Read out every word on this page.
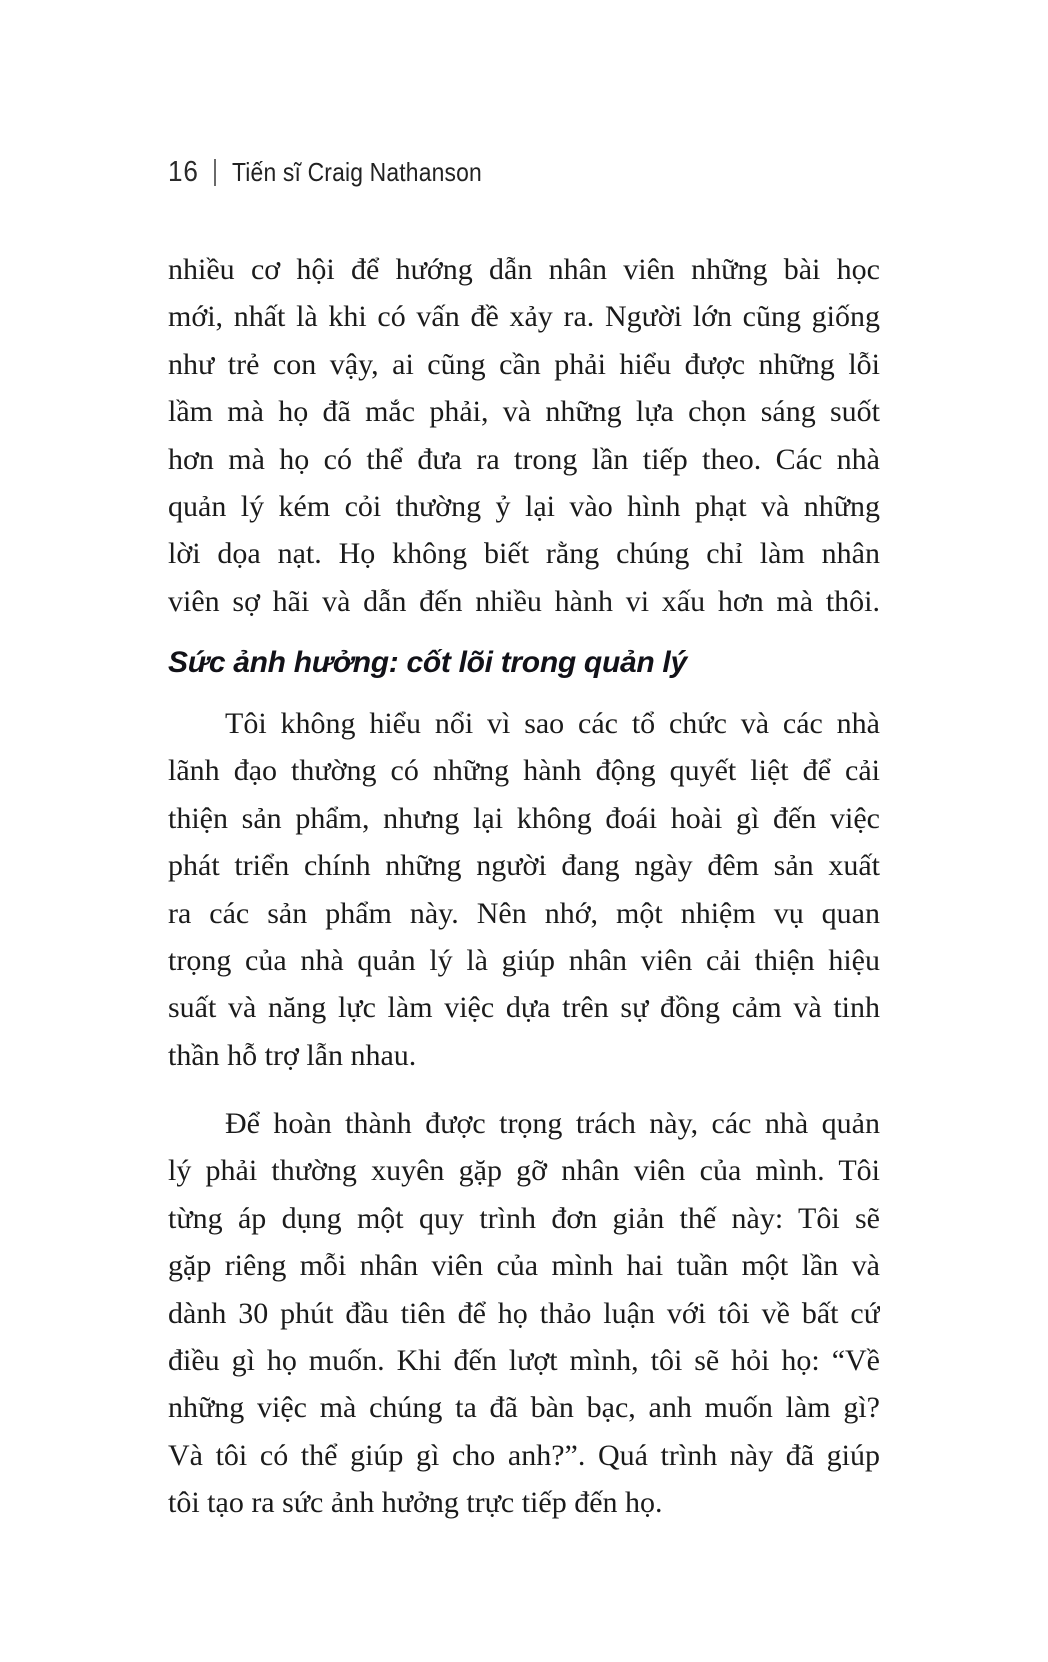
16 Tiến sĩ Craig Nathanson
nhiều cơ hội để hướng dẫn nhân viên những bài học
mới, nhất là khi có vấn đề xảy ra. Người lớn cũng giống
như trẻ con vậy, ai cũng cần phải hiểu được những lỗi
lầm mà họ đã mắc phải, và những lựa chọn sáng suốt
hơn mà họ có thể đưa ra trong lần tiếp theo. Các nhà
quản lý kém cỏi thường ỷ lại vào hình phạt và những
lời dọa nạt. Họ không biết rằng chúng chỉ làm nhân
viên sợ hãi và dẫn đến nhiều hành vi xấu hơn mà thôi.
Sức ảnh hưởng: cốt lõi trong quản lý
Tôi không hiểu nổi vì sao các tổ chức và các nhà
lãnh đạo thường có những hành động quyết liệt để cải
thiện sản phẩm, nhưng lại không đoái hoài gì đến việc
phát triển chính những người đang ngày đêm sản xuất
ra các sản phẩm này. Nên nhớ, một nhiệm vụ quan
trọng của nhà quản lý là giúp nhân viên cải thiện hiệu
suất và năng lực làm việc dựa trên sự đồng cảm và tinh
thần hỗ trợ lẫn nhau.
Để hoàn thành được trọng trách này, các nhà quản
lý phải thường xuyên gặp gỡ nhân viên của mình. Tôi
từng áp dụng một quy trình đơn giản thế này: Tôi sẽ
gặp riêng mỗi nhân viên của mình hai tuần một lần và
dành 30 phút đầu tiên để họ thảo luận với tôi về bất cứ
điều gì họ muốn. Khi đến lượt mình, tôi sẽ hỏi họ: “Về
những việc mà chúng ta đã bàn bạc, anh muốn làm gì?
Và tôi có thể giúp gì cho anh?”. Quá trình này đã giúp
tôi tạo ra sức ảnh hưởng trực tiếp đến họ.
